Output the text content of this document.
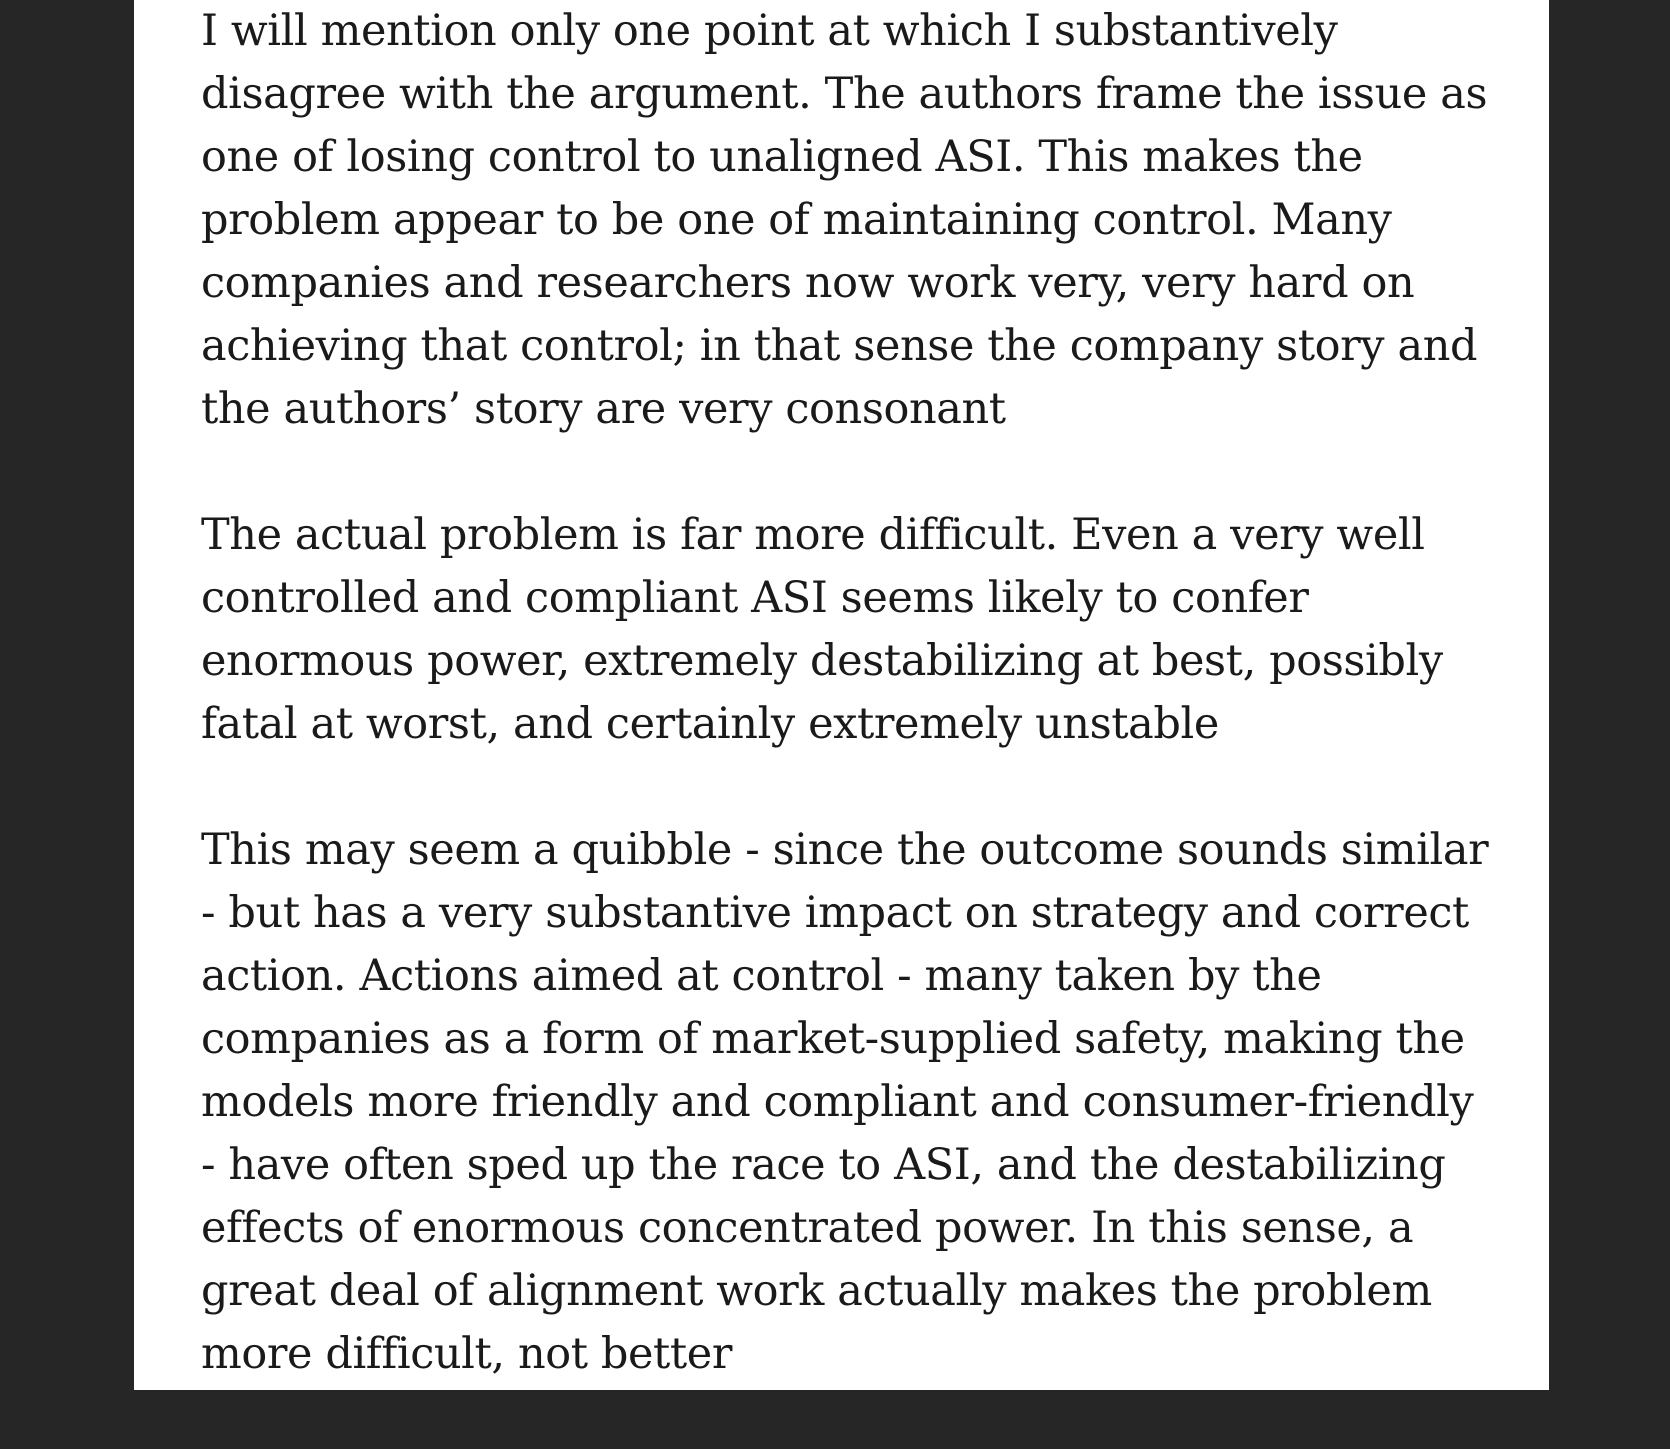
I will mention only one point at which I substantively
disagree with the argument. The authors frame the issue as
one of losing control to unaligned ASI. This makes the
problem appear to be one of maintaining control. Many
companies and researchers now work very, very hard on
achieving that control; in that sense the company story and
the authors’ story are very consonant

The actual problem is far more difficult. Even a very well
controlled and compliant ASI seems likely to confer
enormous power, extremely destabilizing at best, possibly
fatal at worst, and certainly extremely unstable

This may seem a quibble - since the outcome sounds similar
- but has a very substantive impact on strategy and correct
action. Actions aimed at control - many taken by the
companies as a form of market-supplied safety, making the
models more friendly and compliant and consumer-friendly
- have often sped up the race to ASI, and the destabilizing
effects of enormous concentrated power. In this sense, a
great deal of alignment work actually makes the problem
more difficult, not better
